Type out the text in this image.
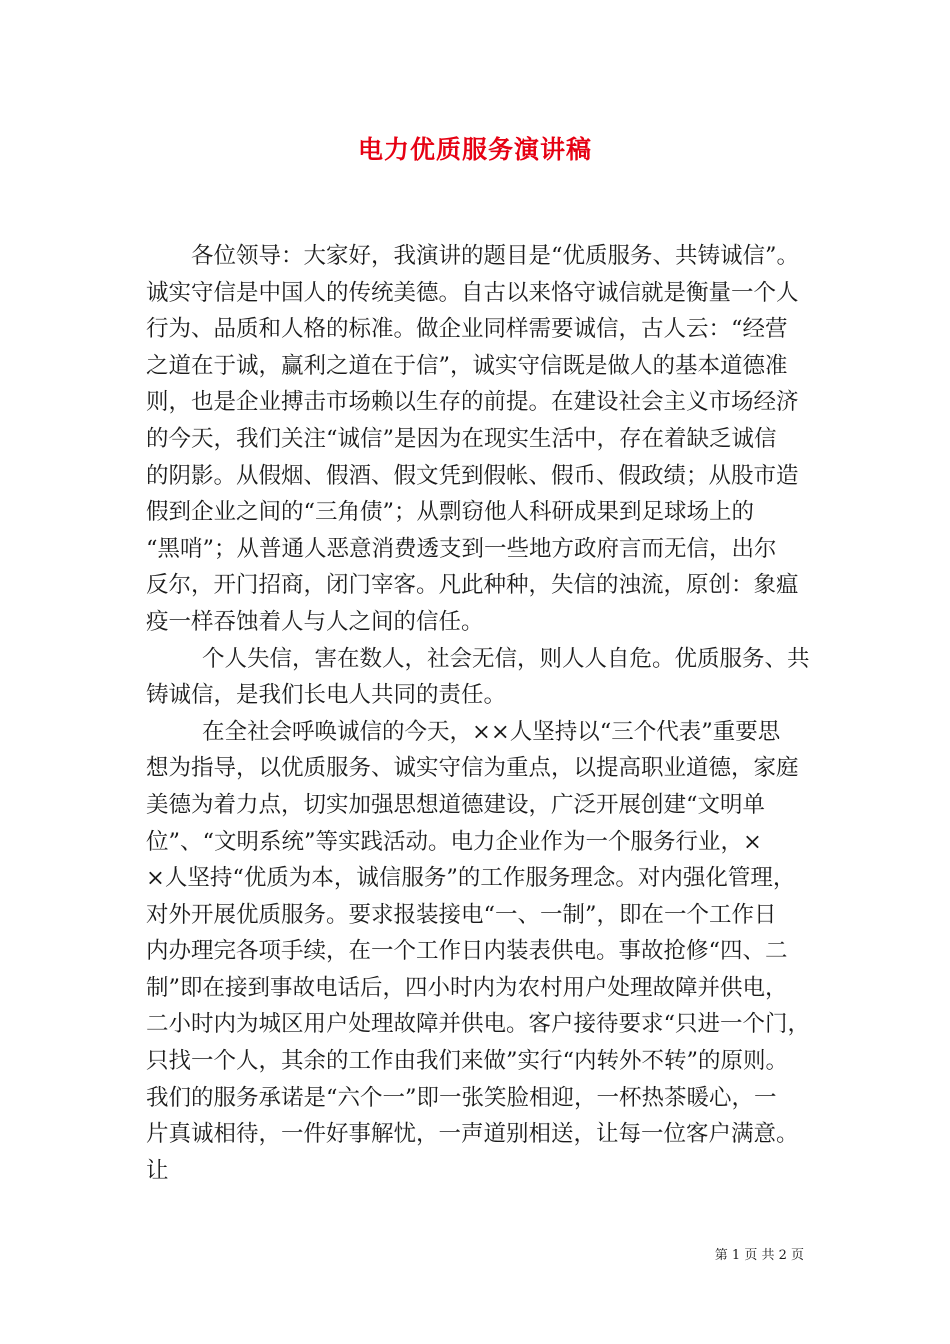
电力优质服务演讲稿
各位领导：大家好，我演讲的题目是“优质服务、共铸诚信”。
诚实守信是中国人的传统美德。自古以来恪守诚信就是衡量一个人
行为、品质和人格的标准。做企业同样需要诚信，古人云：“经营
之道在于诚，赢利之道在于信”，诚实守信既是做人的基本道德准
则，也是企业搏击市场赖以生存的前提。在建设社会主义市场经济
的今天，我们关注“诚信”是因为在现实生活中，存在着缺乏诚信
的阴影。从假烟、假酒、假文凭到假帐、假币、假政绩；从股市造
假到企业之间的“三角债”；从剽窃他人科研成果到足球场上的
“黑哨”；从普通人恶意消费透支到一些地方政府言而无信，出尔
反尔，开门招商，闭门宰客。凡此种种，失信的浊流，原创：象瘟
疫一样吞蚀着人与人之间的信任。
个人失信，害在数人，社会无信，则人人自危。优质服务、共
铸诚信，是我们长电人共同的责任。
在全社会呼唤诚信的今天，××人坚持以“三个代表”重要思
想为指导，以优质服务、诚实守信为重点，以提高职业道德，家庭
美德为着力点，切实加强思想道德建设，广泛开展创建“文明单
位”、“文明系统”等实践活动。电力企业作为一个服务行业，×
×人坚持“优质为本，诚信服务”的工作服务理念。对内强化管理，
对外开展优质服务。要求报装接电“一、一制”，即在一个工作日
内办理完各项手续，在一个工作日内装表供电。事故抢修“四、二
制”即在接到事故电话后，四小时内为农村用户处理故障并供电，
二小时内为城区用户处理故障并供电。客户接待要求“只进一个门，
只找一个人，其余的工作由我们来做”实行“内转外不转”的原则。
我们的服务承诺是“六个一”即一张笑脸相迎，一杯热茶暖心，一
片真诚相待，一件好事解忧，一声道别相送，让每一位客户满意。
让
第 1 页 共 2 页
